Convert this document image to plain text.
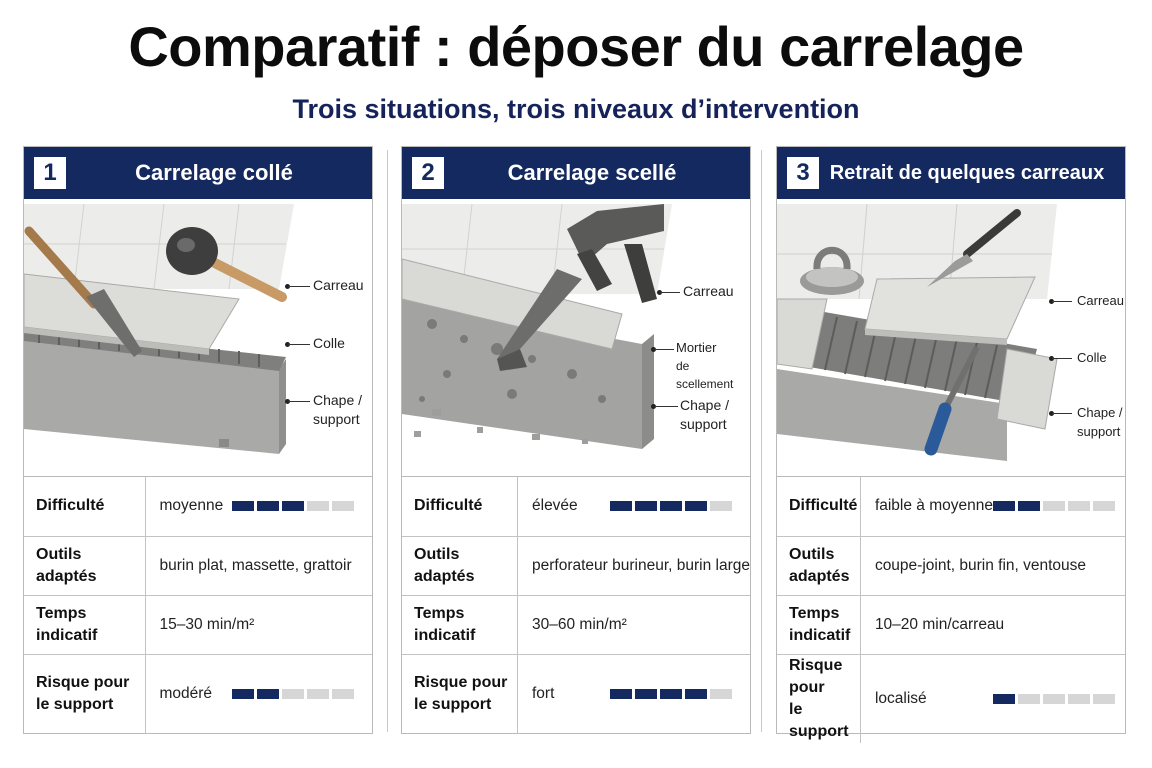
Comparatif : déposer du carrelage
Trois situations, trois niveaux d’intervention
1	Carrelage collé
Carreau
Colle
Chape /
support
Difficulté	moyenne

Outils adaptés	burin plat, massette, grattoir
Temps indicatif	15–30 min/m²
Risque pour
le support	modéré
2	Carrelage scellé
Carreau
Mortier
de scellement
Chape /
support
Difficulté	élevée

Outils adaptés	perforateur burineur, burin large
Temps indicatif	30–60 min/m²
Risque pour
le support	fort
3	Retrait de quelques carreaux
Carreau
Colle
Chape /
support
Difficulté	faible à moyenne

Outils adaptés	coupe-joint, burin fin, ventouse
Temps indicatif	10–20 min/carreau
Risque pour
le support	localisé
